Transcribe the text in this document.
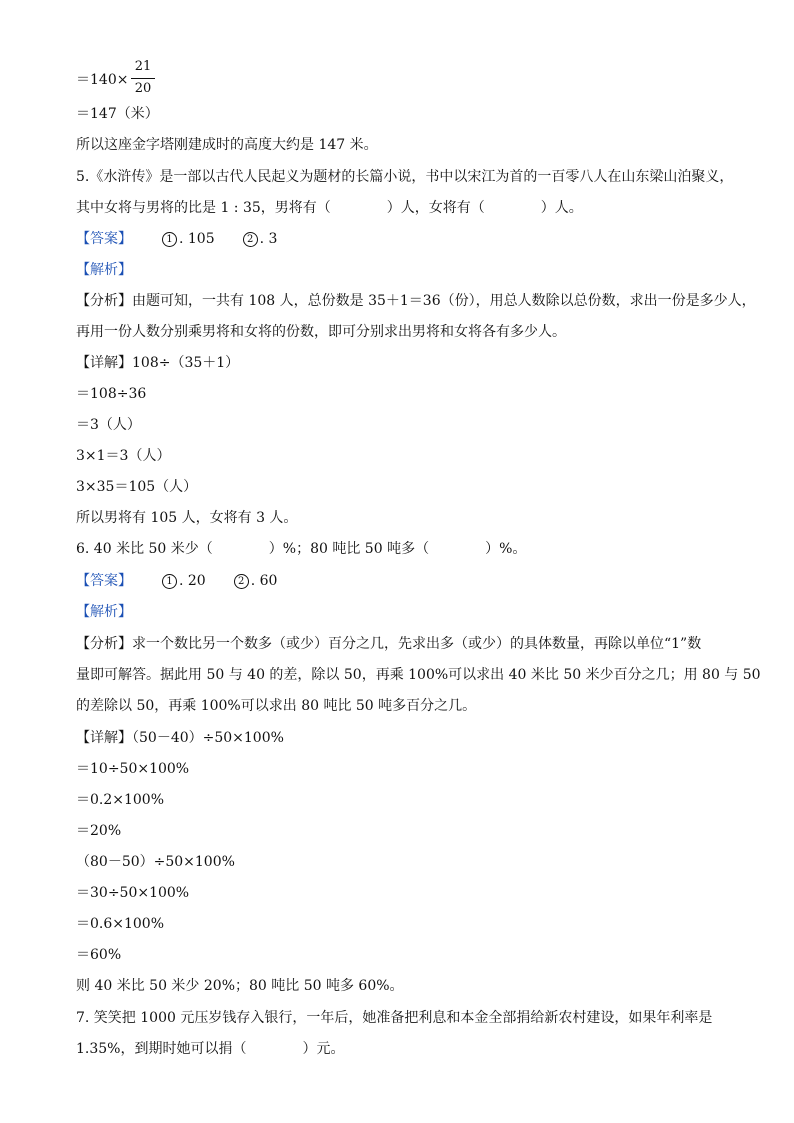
＝140×
21
20
＝147（米）
所以这座金字塔刚建成时的高度大约是 147 米。
5.《水浒传》是一部以古代人民起义为题材的长篇小说，书中以宋江为首的一百零八人在山东梁山泊聚义，
其中女将与男将的比是 1 : 35，男将有（　　　　）人，女将有（　　　　）人。
【答案】	1 . 105	2 . 3
【解析】
【分析】由题可知，一共有 108 人，总份数是 35＋1＝36（份），用总人数除以总份数，求出一份是多少人，
再用一份人数分别乘男将和女将的份数，即可分别求出男将和女将各有多少人。
【详解】108÷（35＋1）
＝108÷36
＝3（人）
3×1＝3（人）
3×35＝105（人）
所以男将有 105 人，女将有 3 人。
6. 40 米比 50 米少（　　　　）%；80 吨比 50 吨多（　　　　）%。
【答案】	1 . 20	2 . 60
【解析】
【分析】求一个数比另一个数多（或少）百分之几，先求出多（或少）的具体数量，再除以单位“1”数
量即可解答。据此用 50 与 40 的差，除以 50，再乘 100%可以求出 40 米比 50 米少百分之几；用 80 与 50
的差除以 50，再乘 100%可以求出 80 吨比 50 吨多百分之几。
【详解】（50－40）÷50×100%
＝10÷50×100%
＝0.2×100%
＝20%
（80－50）÷50×100%
＝30÷50×100%
＝0.6×100%
＝60%
则 40 米比 50 米少 20%；80 吨比 50 吨多 60%。
7. 笑笑把 1000 元压岁钱存入银行，一年后，她准备把利息和本金全部捐给新农村建设，如果年利率是
1.35%，到期时她可以捐（　　　　）元。
